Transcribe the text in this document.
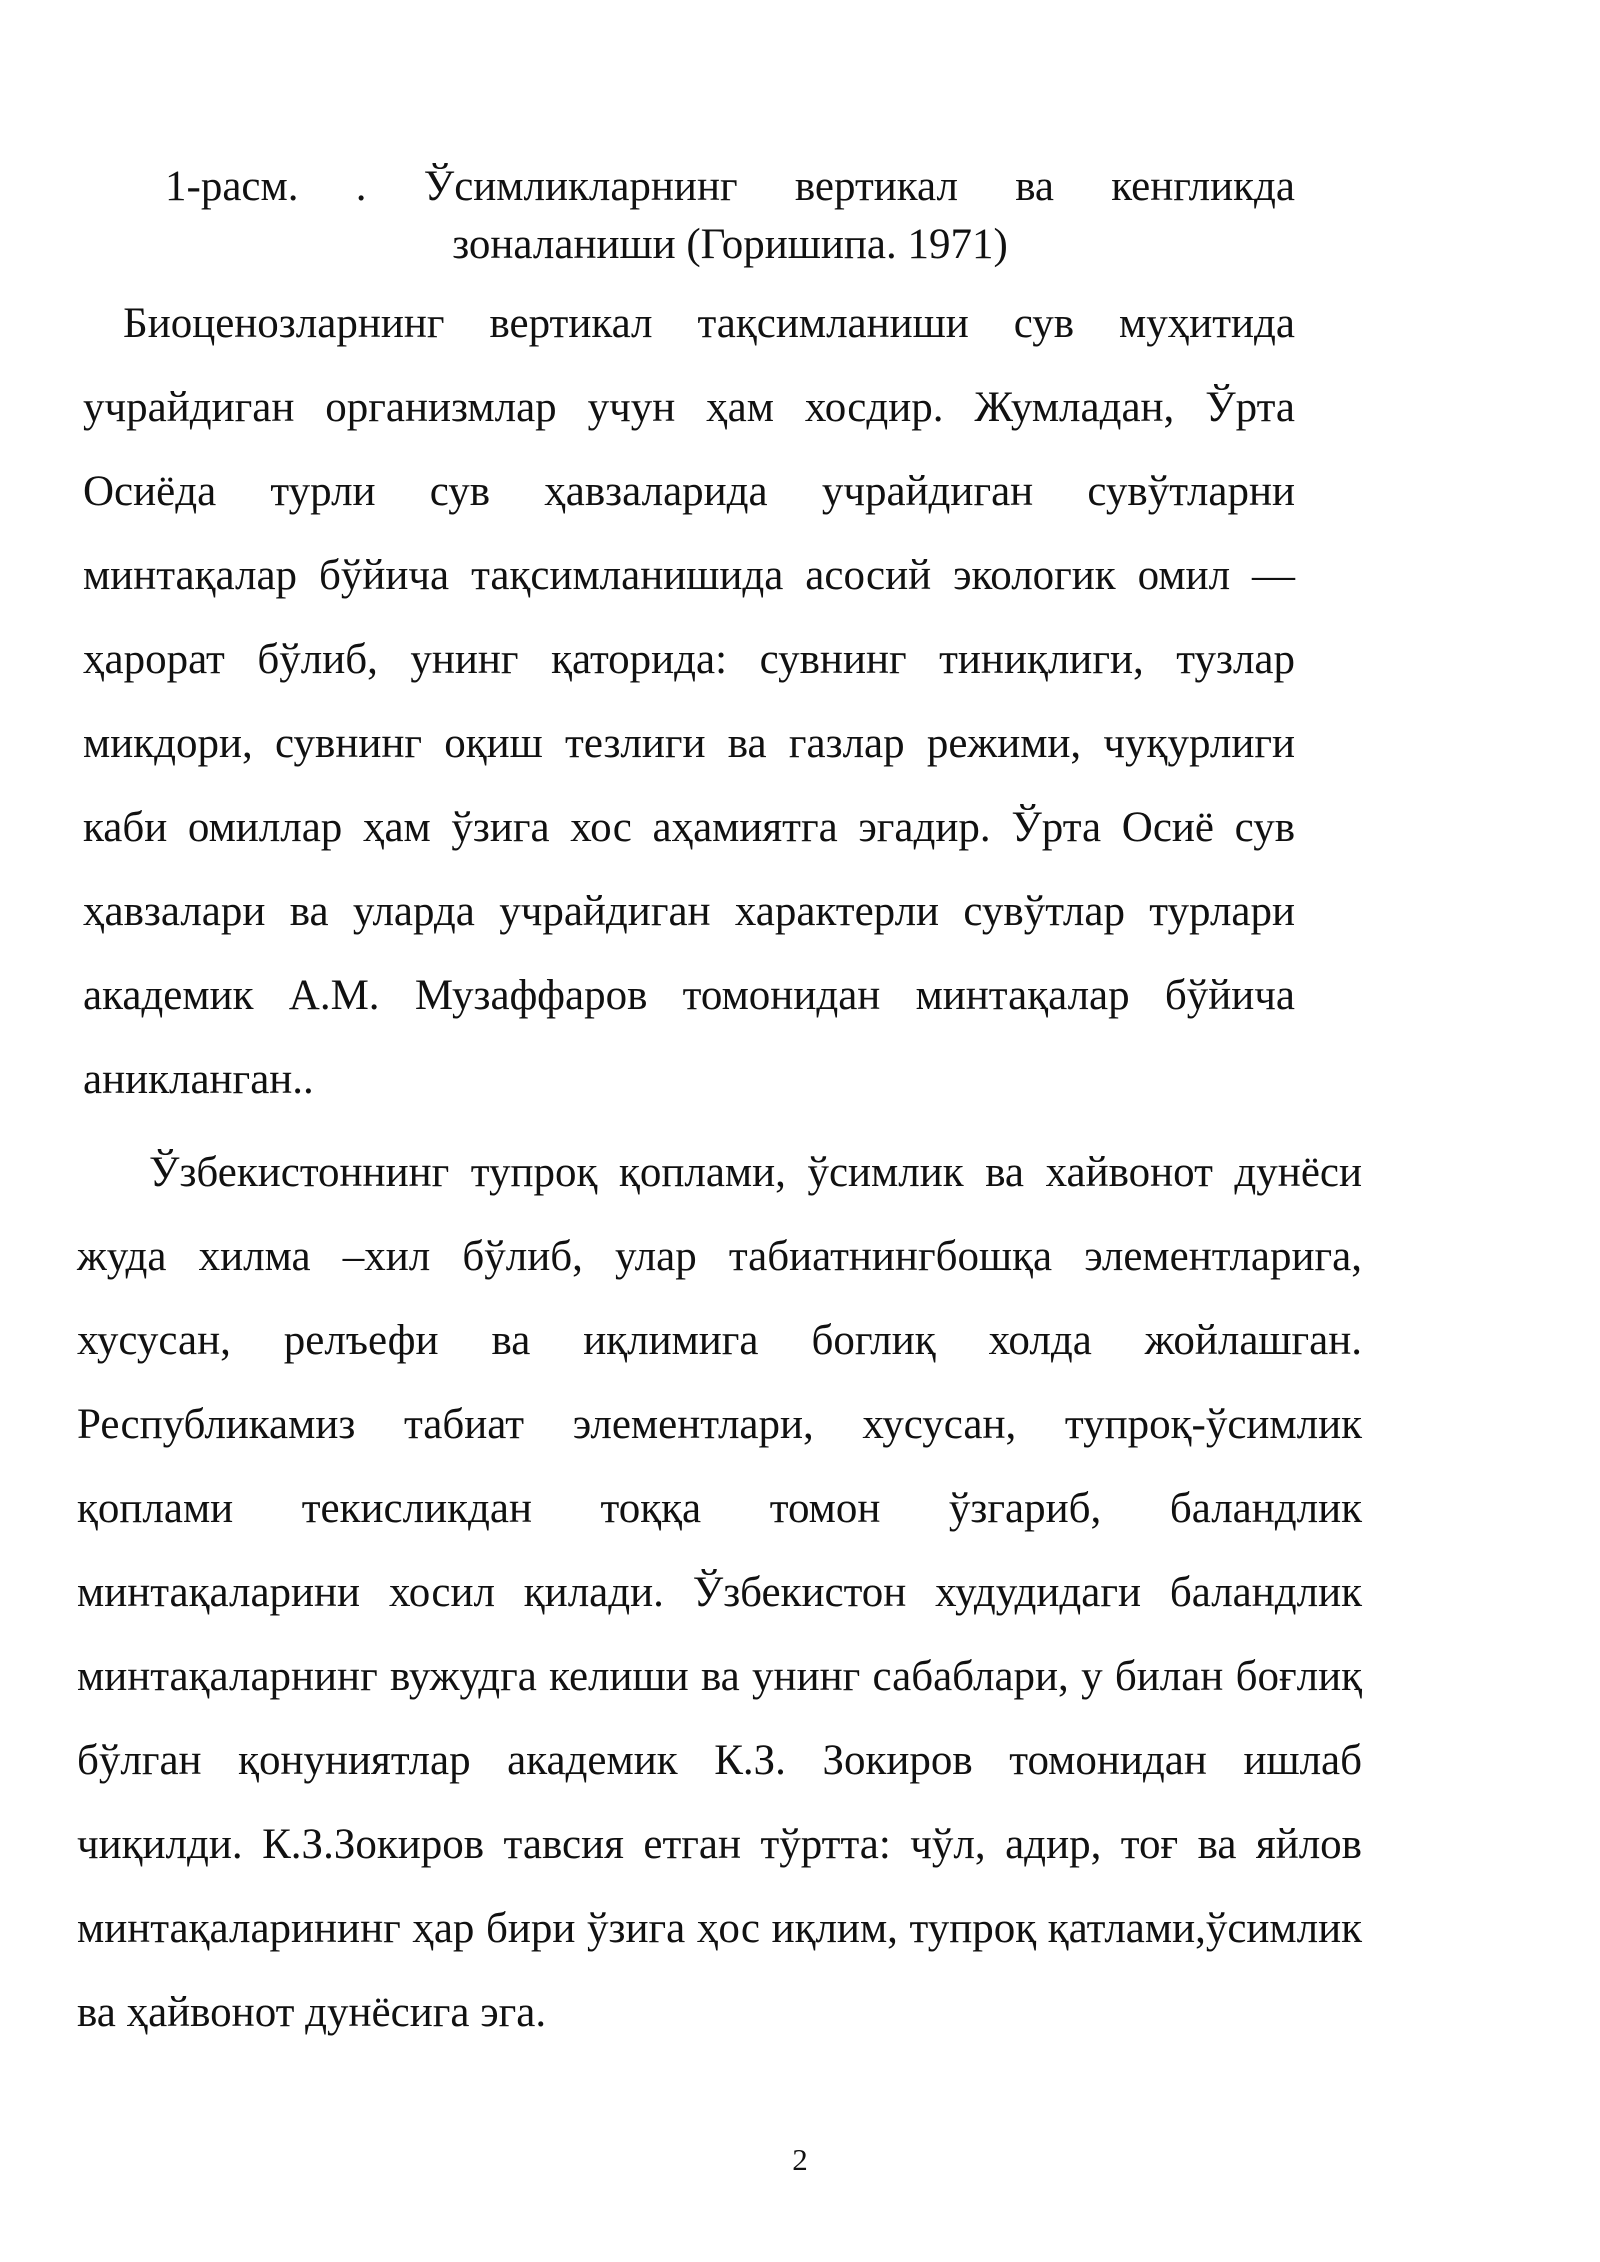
1-расм. . Ўсимликларнинг вертикал ва кенгликда
зоналаниши (Горишипа. 1971)

Биоценозларнинг вертикал тақсимланиши сув муҳитида учрайдиган организмлар учун ҳам хосдир. Жумладан, Ўрта Осиёда турли сув ҳавзаларида учрайдиган сувўтларни минтақалар бўйича тақсимланишида асосий экологик омил — ҳарорат бўлиб, унинг қаторида: сувнинг тиниқлиги, тузлар микдори, сувнинг оқиш тезлиги ва газлар режими, чуқурлиги каби омиллар ҳам ўзига хос аҳамиятга эгадир. Ўрта Осиё сув ҳавзалари ва уларда учрайдиган характерли сувўтлар турлари академик А.М. Музаффаров томонидан минтақалар бўйича аникланган..

Ўзбекистоннинг тупроқ қоплами, ўсимлик ва хайвонот дунёси жуда хилма –хил бўлиб, улар табиатнингбошқа элементларига, хусусан, релъефи ва иқлимига боглиқ холда жойлашган. Республикамиз табиат элементлари, хусусан, тупроқ-ўсимлик қоплами текисликдан тоққа томон ўзгариб, баландлик минтақаларини хосил қилади. Ўзбекистон худудидаги баландлик минтақаларнинг вужудга келиши ва унинг сабаблари, у билан боғлиқ бўлган қонуниятлар академик К.З. Зокиров томонидан ишлаб чиқилди. К.З.Зокиров тавсия етган тўртта: чўл, адир, тоғ ва яйлов минтақаларининг ҳар бири ўзига ҳос иқлим, тупроқ қатлами,ўсимлик ва ҳайвонот дунёсига эга.

2
